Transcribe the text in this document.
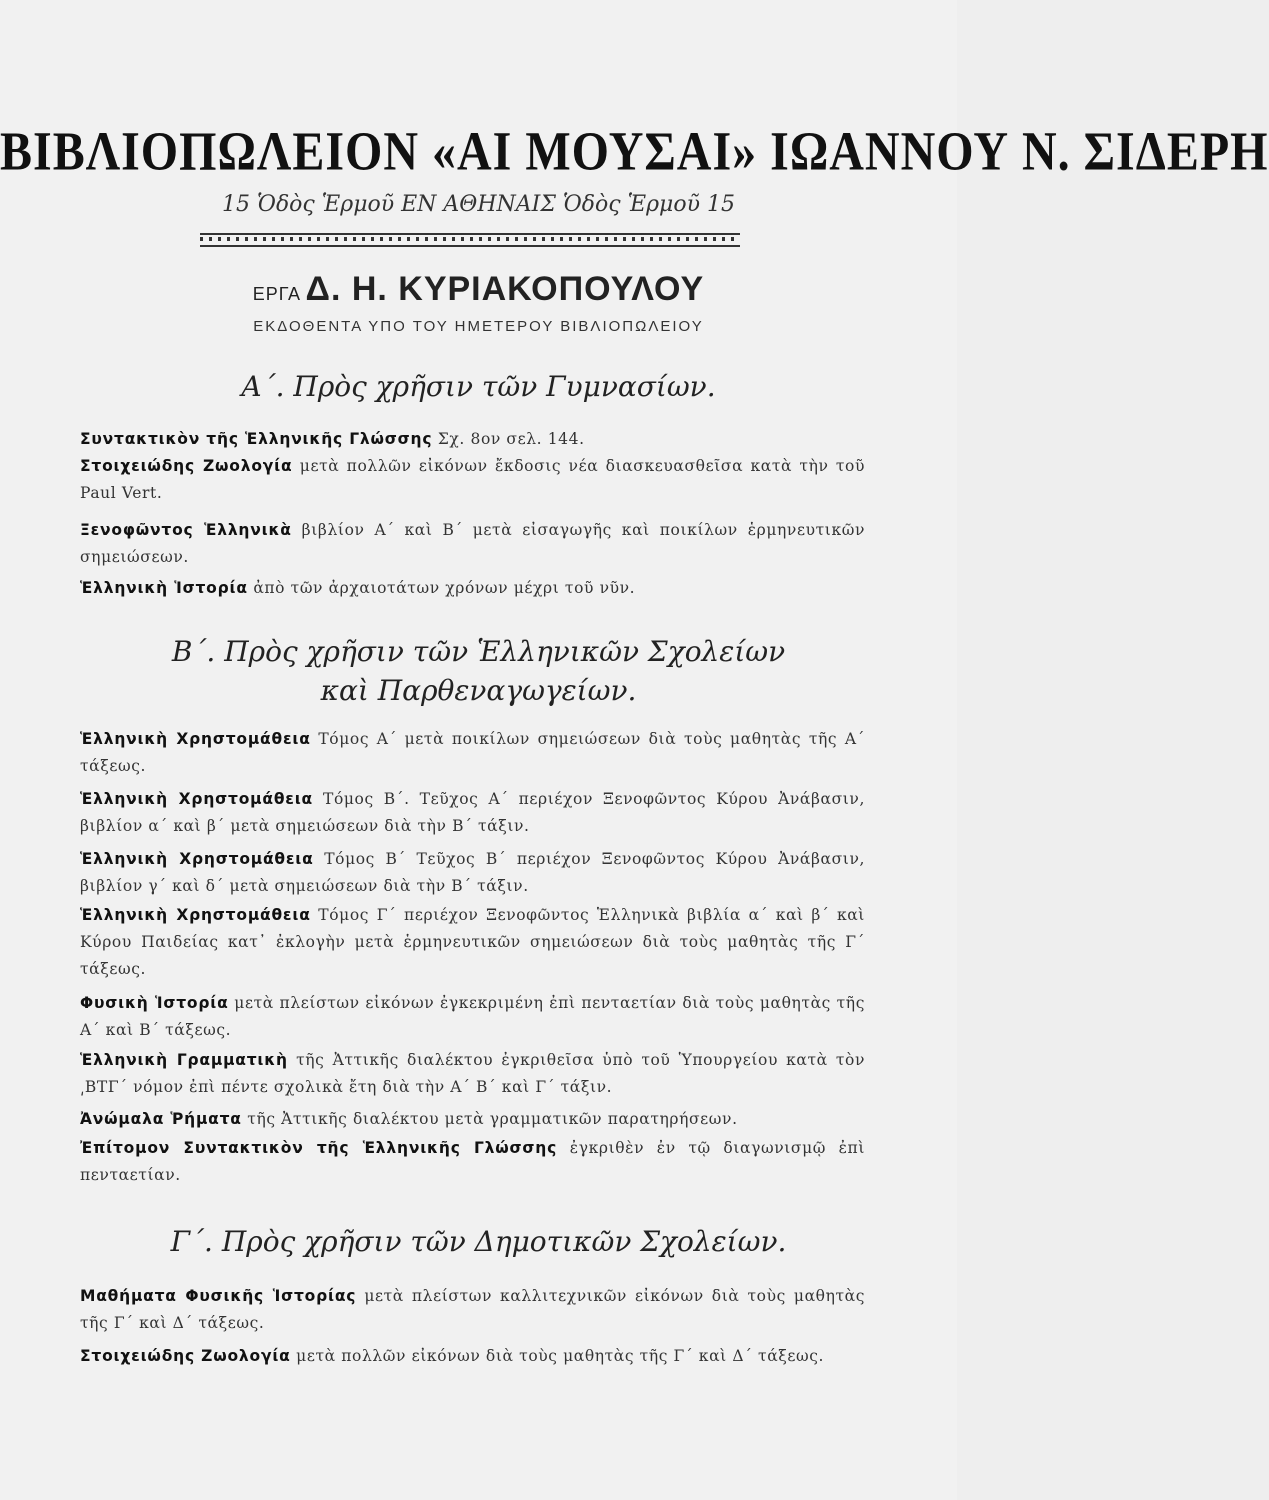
ΒΙΒΛΙΟΠΩΛΕΙΟΝ «ΑΙ ΜΟΥΣΑΙ» ΙΩΑΝΝΟΥ Ν. ΣΙΔΕΡΗ
15 Ὁδὸς Ἑρμοῦ ΕΝ ΑΘΗΝΑΙΣ Ὁδὸς Ἑρμοῦ 15
ΕΡΓΑ Δ. Η. ΚΥΡΙΑΚΟΠΟΥΛΟΥ
ΕΚΔΟΘΕΝΤΑ ΥΠΟ ΤΟΥ ΗΜΕΤΕΡΟΥ ΒΙΒΛΙΟΠΩΛΕΙΟΥ
Α΄. Πρὸς χρῆσιν τῶν Γυμνασίων.
Συντακτικὸν τῆς Ἑλληνικῆς Γλώσσης Σχ. 8ον σελ. 144.
Στοιχειώδης Ζωολογία μετὰ πολλῶν εἰκόνων ἔκδοσις νέα διασκευασθεῖσα κατὰ τὴν τοῦ Paul Vert.
Ξενοφῶντος Ἑλληνικὰ βιβλίον Α΄ καὶ Β΄ μετὰ εἰσαγωγῆς καὶ ποικίλων ἑρμηνευτικῶν σημειώσεων.
Ἑλληνικὴ Ἱστορία ἀπὸ τῶν ἀρχαιοτάτων χρόνων μέχρι τοῦ νῦν.
Β΄. Πρὸς χρῆσιν τῶν Ἑλληνικῶν Σχολείων
καὶ Παρθεναγωγείων.
Ἑλληνικὴ Χρηστομάθεια Τόμος Α΄ μετὰ ποικίλων σημειώσεων διὰ τοὺς μαθητὰς τῆς Α΄ τάξεως.
Ἑλληνικὴ Χρηστομάθεια Τόμος Β΄. Τεῦχος Α΄ περιέχον Ξενοφῶντος Κύρου Ἀνάβασιν, βιβλίον α΄ καὶ β΄ μετὰ σημειώσεων διὰ τὴν Β΄ τάξιν.
Ἑλληνικὴ Χρηστομάθεια Τόμος Β΄ Τεῦχος Β΄ περιέχον Ξενοφῶντος Κύρου Ἀνάβασιν, βιβλίον γ΄ καὶ δ΄ μετὰ σημειώσεων διὰ τὴν Β΄ τάξιν.
Ἑλληνικὴ Χρηστομάθεια Τόμος Γ΄ περιέχον Ξενοφῶντος Ἑλληνικὰ βιβλία α΄ καὶ β΄ καὶ Κύρου Παιδείας κατ᾽ ἐκλογὴν μετὰ ἑρμηνευτικῶν σημειώσεων διὰ τοὺς μαθητὰς τῆς Γ΄ τάξεως.
Φυσικὴ Ἱστορία μετὰ πλείστων εἰκόνων ἐγκεκριμένη ἐπὶ πενταετίαν διὰ τοὺς μαθητὰς τῆς Α΄ καὶ Β΄ τάξεως.
Ἑλληνικὴ Γραμματικὴ τῆς Ἀττικῆς διαλέκτου ἐγκριθεῖσα ὑπὸ τοῦ Ὑπουργείου κατὰ τὸν ͵ΒΤΓ΄ νόμον ἐπὶ πέντε σχολικὰ ἔτη διὰ τὴν Α΄ Β΄ καὶ Γ΄ τάξιν.
Ἀνώμαλα Ῥήματα τῆς Ἀττικῆς διαλέκτου μετὰ γραμματικῶν παρατηρήσεων.
Ἐπίτομον Συντακτικὸν τῆς Ἑλληνικῆς Γλώσσης ἐγκριθὲν ἐν τῷ διαγωνισμῷ ἐπὶ πενταετίαν.
Γ΄. Πρὸς χρῆσιν τῶν Δημοτικῶν Σχολείων.
Μαθήματα Φυσικῆς Ἱστορίας μετὰ πλείστων καλλιτεχνικῶν εἰκόνων διὰ τοὺς μαθητὰς τῆς Γ΄ καὶ Δ΄ τάξεως.
Στοιχειώδης Ζωολογία μετὰ πολλῶν εἰκόνων διὰ τοὺς μαθητὰς τῆς Γ΄ καὶ Δ΄ τάξεως.
